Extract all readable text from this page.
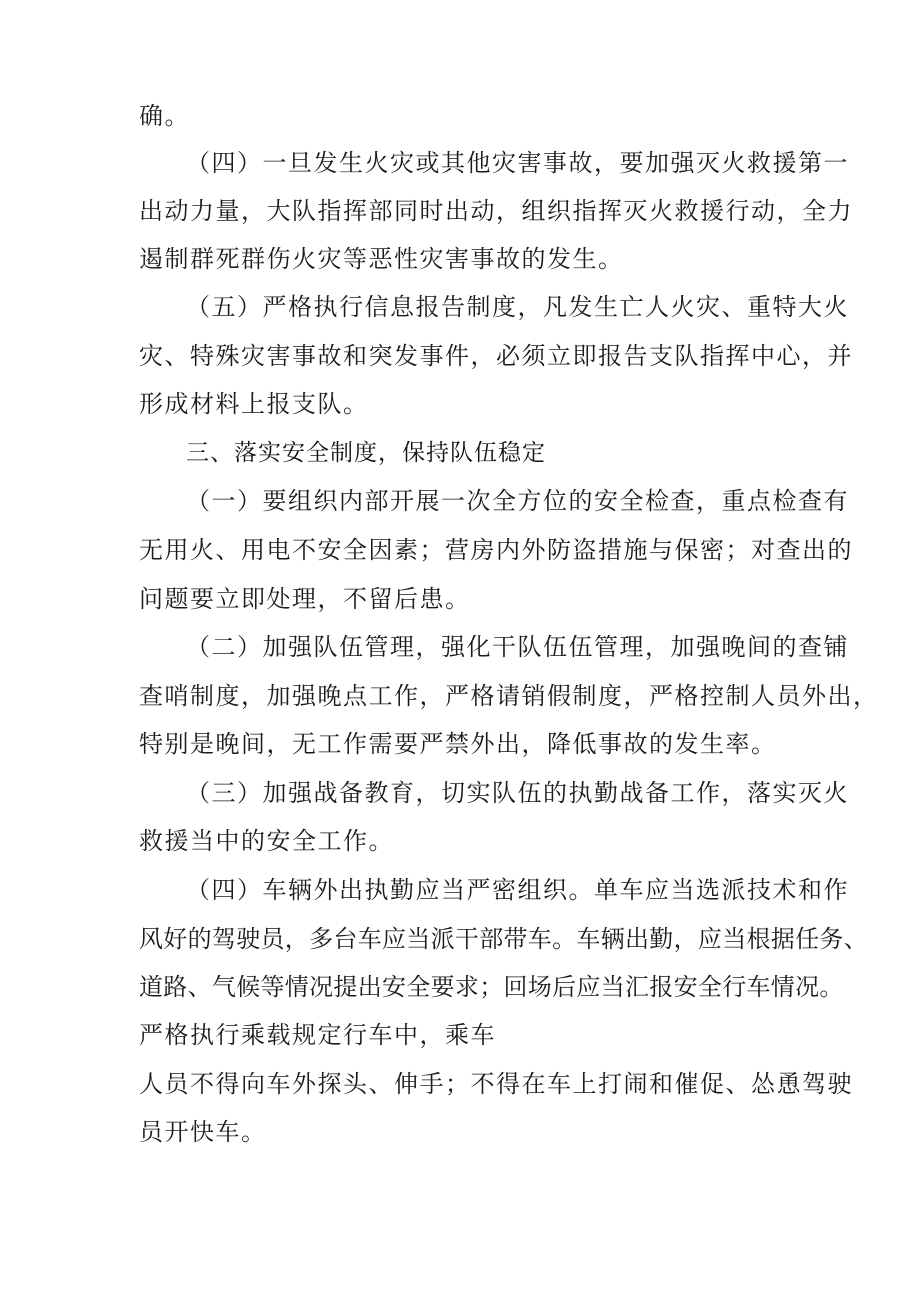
确。
（四）一旦发生火灾或其他灾害事故，要加强灭火救援第一
出动力量，大队指挥部同时出动，组织指挥灭火救援行动，全力
遏制群死群伤火灾等恶性灾害事故的发生。
（五）严格执行信息报告制度，凡发生亡人火灾、重特大火
灾、特殊灾害事故和突发事件，必须立即报告支队指挥中心，并
形成材料上报支队。
三、落实安全制度，保持队伍稳定
（一）要组织内部开展一次全方位的安全检查，重点检查有
无用火、用电不安全因素；营房内外防盗措施与保密；对查出的
问题要立即处理，不留后患。
（二）加强队伍管理，强化干队伍伍管理，加强晚间的查铺
查哨制度，加强晚点工作，严格请销假制度，严格控制人员外出，
特别是晚间，无工作需要严禁外出，降低事故的发生率。
（三）加强战备教育，切实队伍的执勤战备工作，落实灭火
救援当中的安全工作。
（四）车辆外出执勤应当严密组织。单车应当选派技术和作
风好的驾驶员，多台车应当派干部带车。车辆出勤，应当根据任务、
道路、气候等情况提出安全要求；回场后应当汇报安全行车情况。
严格执行乘载规定行车中，乘车
人员不得向车外探头、伸手；不得在车上打闹和催促、怂恿驾驶
员开快车。
